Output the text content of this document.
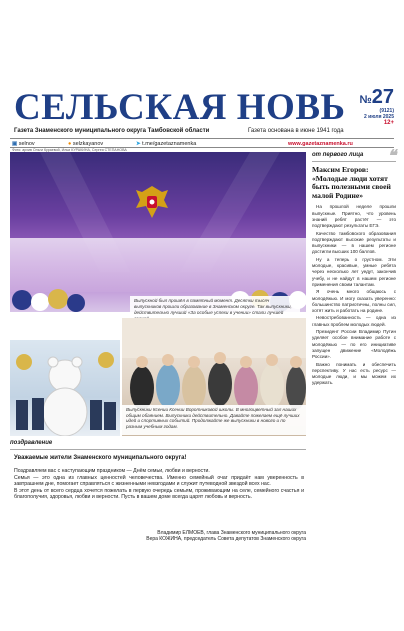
Фото: архив Ольги Кураевой, Ильи КУРАКИНА, Сергея СТЕПАНОВА
СЕЛЬСКАЯ НОВЬ	№27
(9121)
2 июля 2025
12+
Газета Знаменского муниципального округа Тамбовской области	Газета основана в июне 1941 года
▣ selnov	● selzkayanov	➤ t.me/gazetaznamenka	www.gazetaznamenka.ru
Выпускной был прошёл в памятный момент. Десятки тысяч выпускников прошли образование в Знаменском округе. Так выпускники, действительно лучший «За особые успехи в учении» стали лучшей
Выпускники Ксении Ксении Воротниковой школы. В многоцветный зал наших общим обаянием. Выпускники действительно. Давайте пожелаем ещё лучших идей и спортивных событий. Продолжайте же выпускники в нового и по разным учебным годам.
поздравление
Уважаемые жители Знаменского муниципального округа!

Поздравляем вас с наступающим праздником — Днём семьи, любви и верности.

Семья — это одна из главных ценностей человечества. Именно семейный очаг придаёт нам уверенность в завтрашнем дне, помогает справляться с жизненными невзгодами и служит путеводной звездой всех нас.

В этот день от всего сердца хочется пожелать в первую очередь семьям, проживающим на селе, семейного счастья и благополучия, здоровья, любви и верности. Пусть в вашем доме всегда царят любовь и верность.

Владимир ЕЛМОЕВ, глава Знаменского муниципального округа
Вера КОЖИНА, председатель Совета депутатов Знаменского округа
от первого лица ❝
Максим Егоров: «Молодые люди хотят быть полезными своей малой Родине»

На прошлой неделе прошли выпускные. Приятно, что уровень знаний ребят растёт — это подтверждают результаты ЕГЭ.

Качество тамбовского образования подтверждают высокие результаты и выпускники — в нашем регионе достигли высших 100 баллов.

Ну а теперь о грустном. Эти молодые, красивые, умные ребята через несколько лет уедут, закончив учебу, и не найдут в нашем регионе применения своим талантам.

Я очень много общаюсь с молодёжью. И могу сказать уверенно: большинство патриотичны, полны сил, хотят жить и работать на родине.

Невостребованность — одна из главных проблем молодых людей.

Президент России Владимир Путин уделяет особое внимание работе с молодёжью — по его инициативе запущен движение «Молодёжь России».

Важно понимать и обеспечить перспективу. У нас есть ресурс — молодые люди, и мы можем их удержать.
